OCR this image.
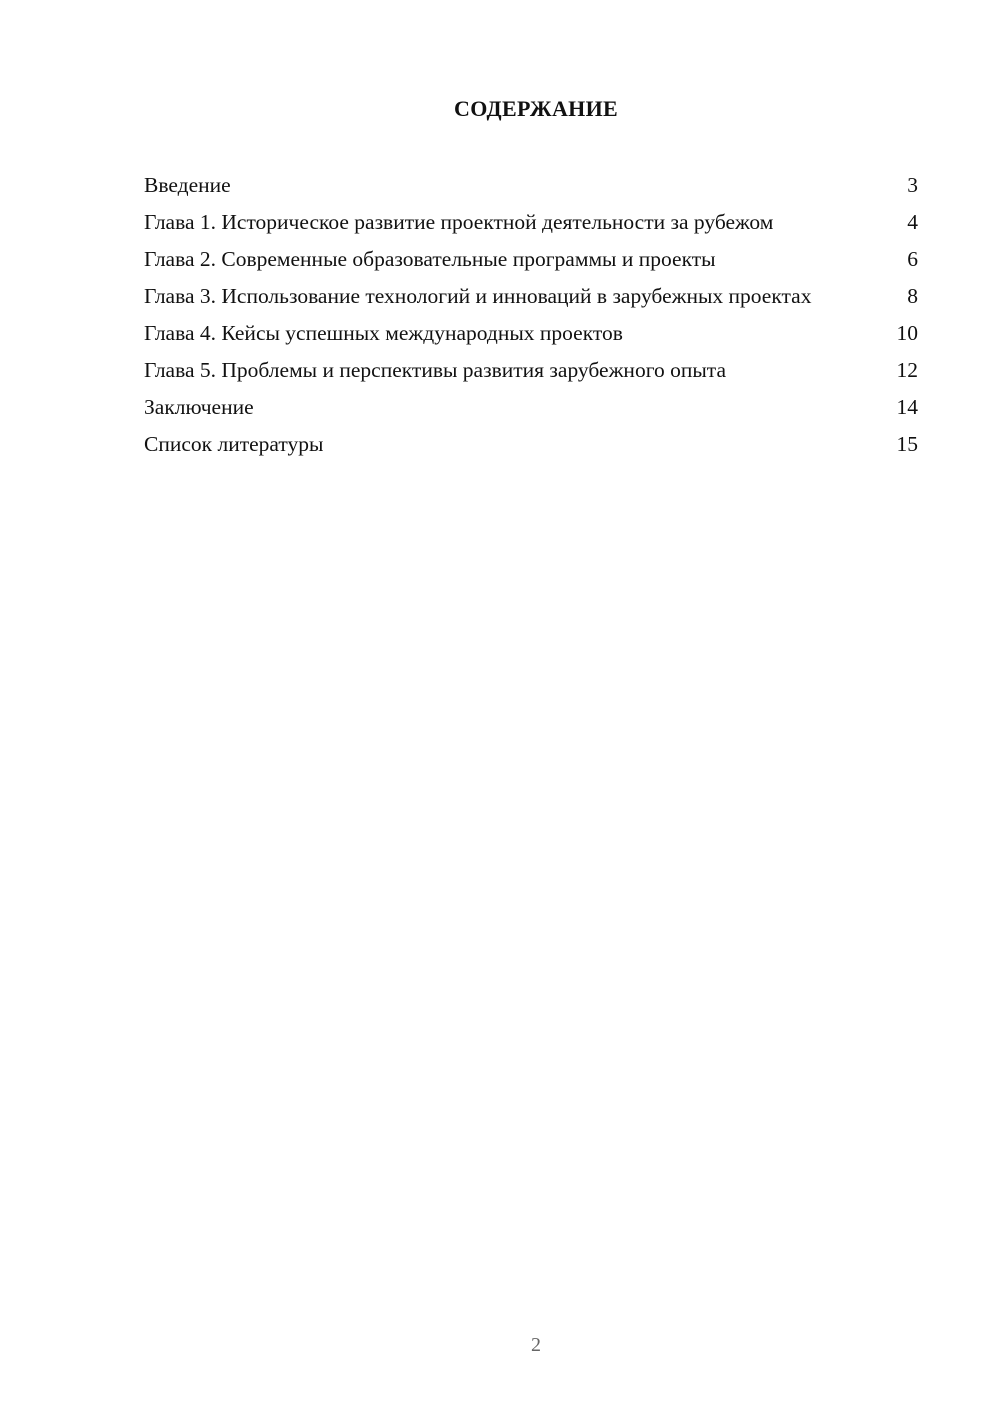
СОДЕРЖАНИЕ
Введение	3
Глава 1. Историческое развитие проектной деятельности за рубежом	4
Глава 2. Современные образовательные программы и проекты	6
Глава 3. Использование технологий и инноваций в зарубежных проектах	8
Глава 4. Кейсы успешных международных проектов	10
Глава 5. Проблемы и перспективы развития зарубежного опыта	12
Заключение	14
Список литературы	15
2
